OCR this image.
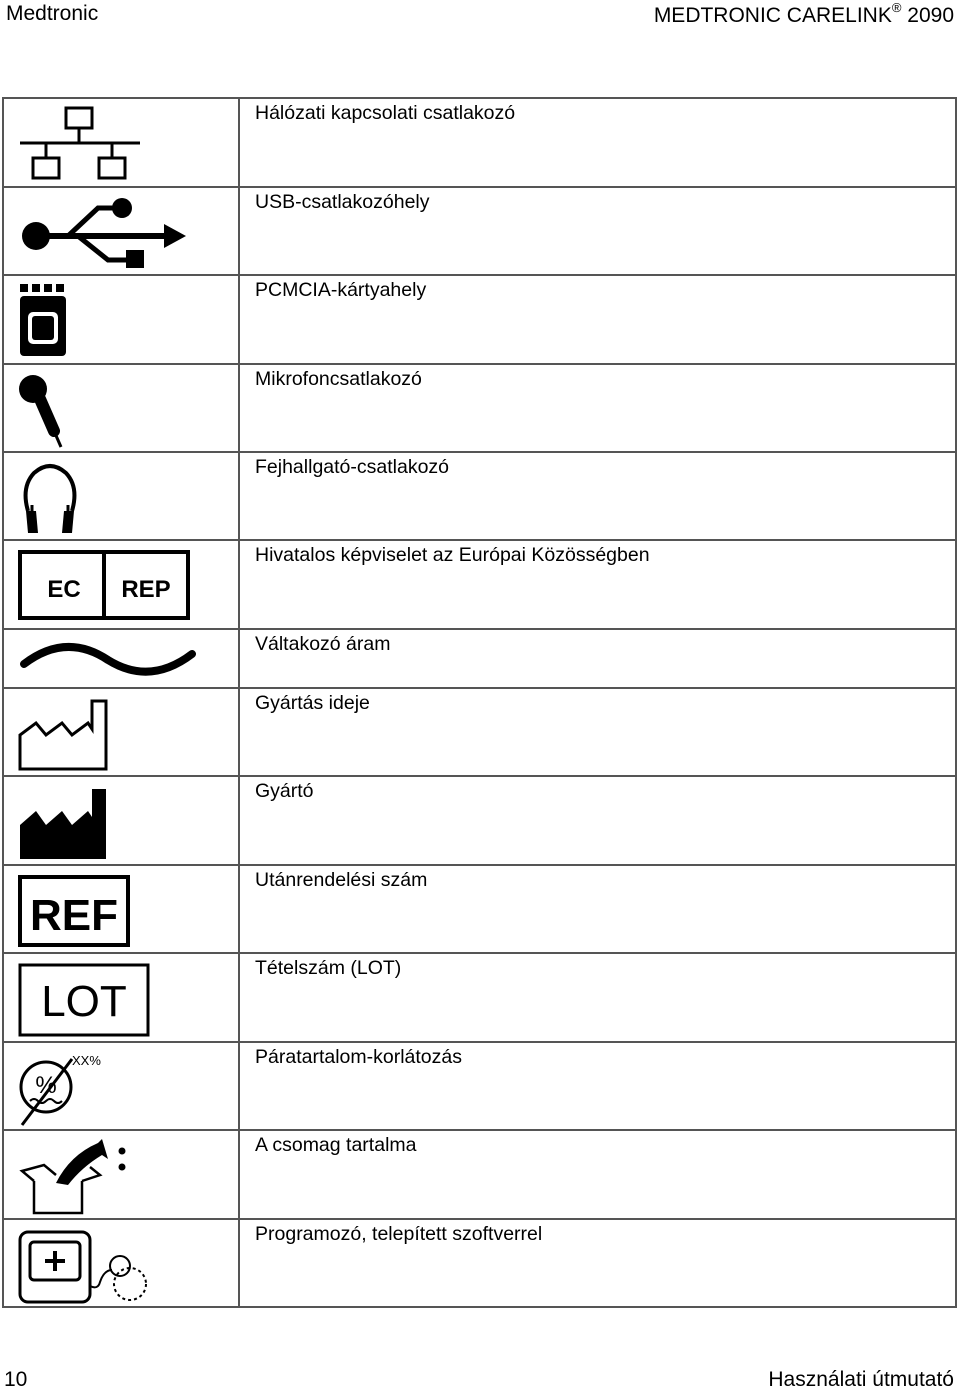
Medtronic	MEDTRONIC CARELINK® 2090
	Hálózati kapcsolati csatlakozó

	USB-csatlakozóhely

	PCMCIA-kártyahely

	Mikrofoncsatlakozó

	Fejhallgató-csatlakozó

EC REP	Hivatalos képviselet az Európai Közösségben

	Váltakozó áram

	Gyártás ideje

	Gyártó

REF	Utánrendelési szám

LOT	Tételszám (LOT)

%
XX%	Páratartalom-korlátozás

	A csomag tartalma

	Programozó, telepített szoftverrel
10	Használati útmutató
